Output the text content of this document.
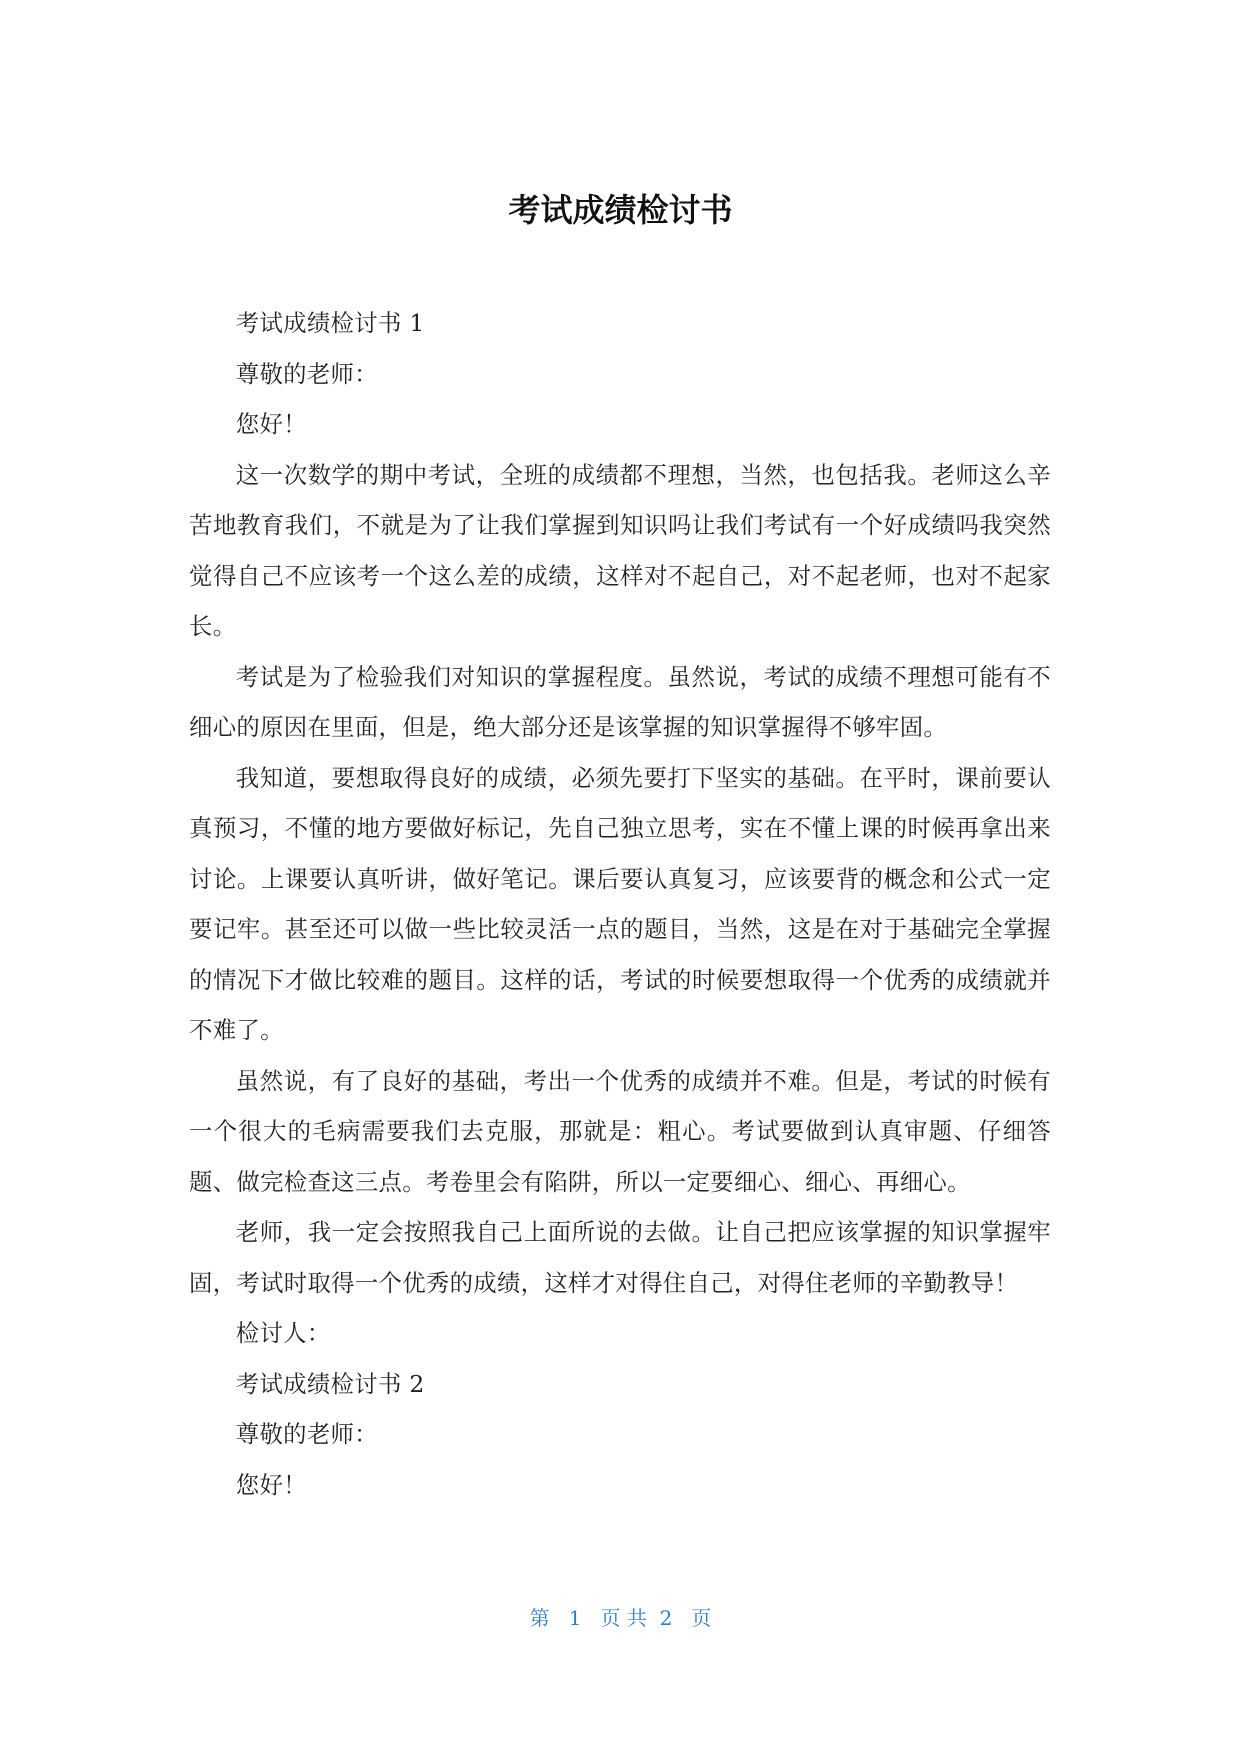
考试成绩检讨书

考试成绩检讨书 1

尊敬的老师：

您好！

这一次数学的期中考试，全班的成绩都不理想，当然，也包括我。老师这么辛苦地教育我们，不就是为了让我们掌握到知识吗让我们考试有一个好成绩吗我突然觉得自己不应该考一个这么差的成绩，这样对不起自己，对不起老师，也对不起家长。

考试是为了检验我们对知识的掌握程度。虽然说，考试的成绩不理想可能有不细心的原因在里面，但是，绝大部分还是该掌握的知识掌握得不够牢固。

我知道，要想取得良好的成绩，必须先要打下坚实的基础。在平时，课前要认真预习，不懂的地方要做好标记，先自己独立思考，实在不懂上课的时候再拿出来讨论。上课要认真听讲，做好笔记。课后要认真复习，应该要背的概念和公式一定要记牢。甚至还可以做一些比较灵活一点的题目，当然，这是在对于基础完全掌握的情况下才做比较难的题目。这样的话，考试的时候要想取得一个优秀的成绩就并不难了。

虽然说，有了良好的基础，考出一个优秀的成绩并不难。但是，考试的时候有一个很大的毛病需要我们去克服，那就是：粗心。考试要做到认真审题、仔细答题、做完检查这三点。考卷里会有陷阱，所以一定要细心、细心、再细心。

老师，我一定会按照我自己上面所说的去做。让自己把应该掌握的知识掌握牢固，考试时取得一个优秀的成绩，这样才对得住自己，对得住老师的辛勤教导！

检讨人：

考试成绩检讨书 2

尊敬的老师：

您好！

第 1 页 共 2 页
